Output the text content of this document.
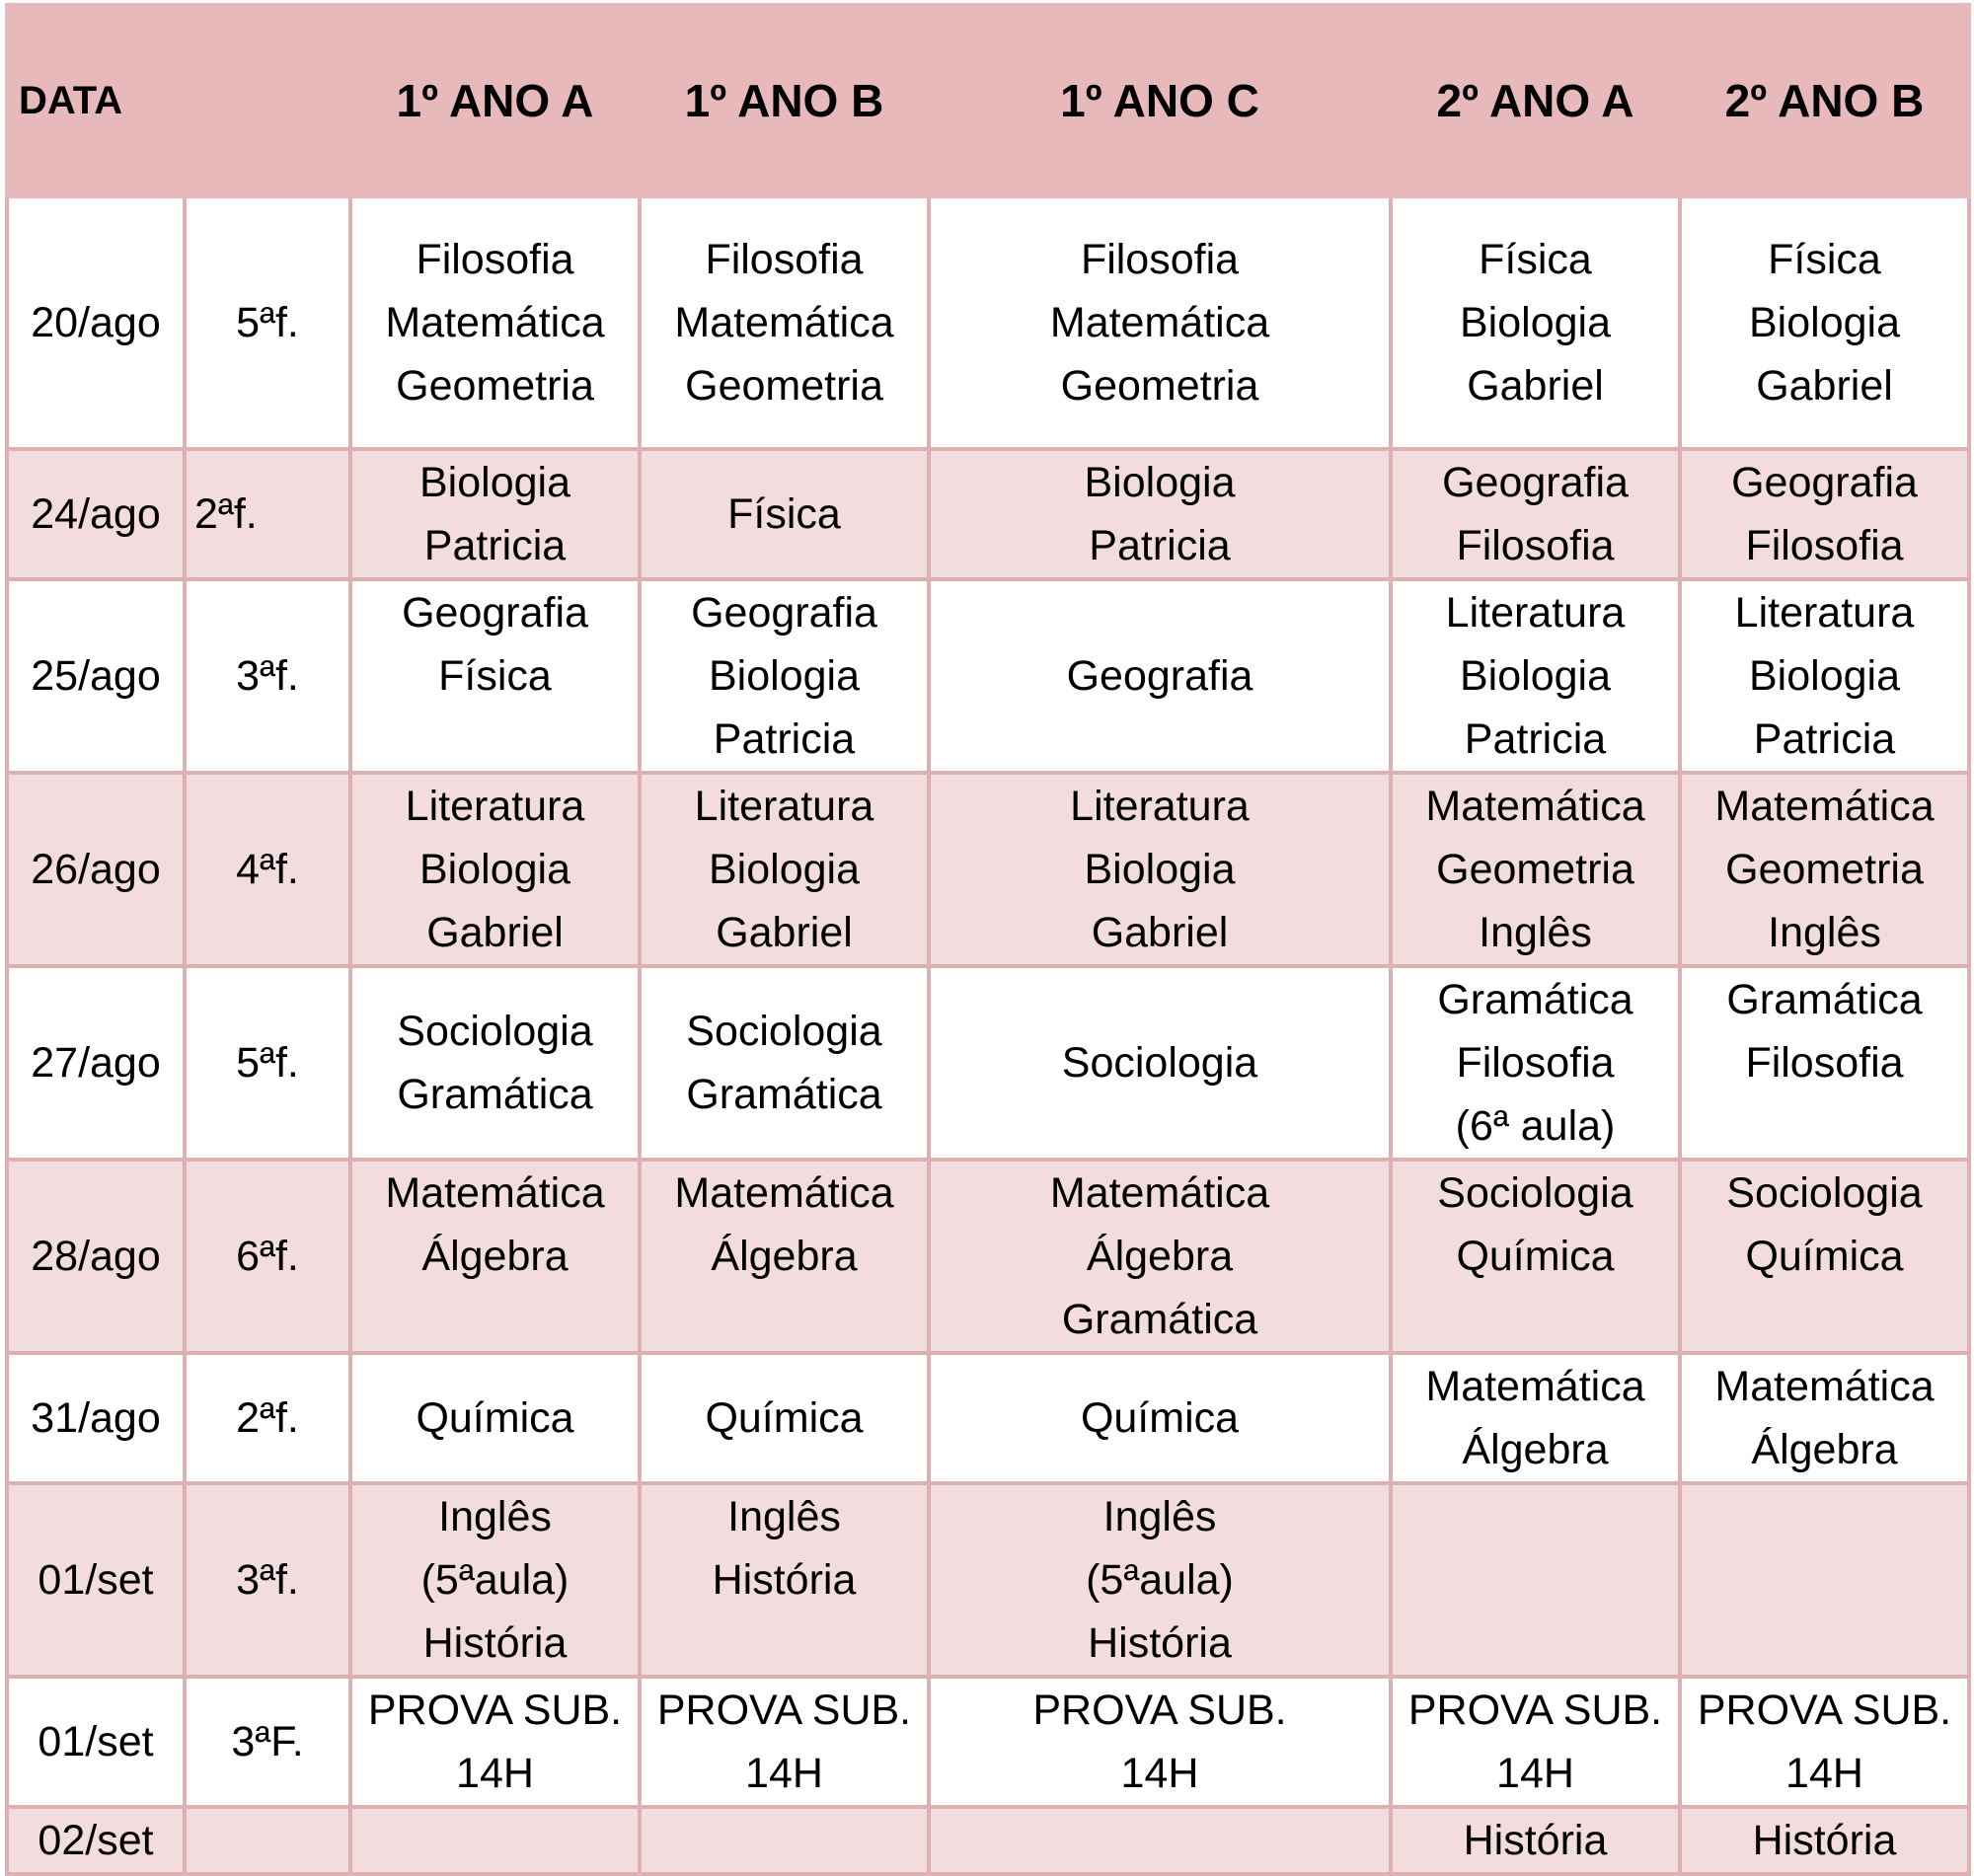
DATA		1º ANO A	1º ANO B	1º ANO C	2º ANO A	2º ANO B
20/ago	5ªf.	Filosofia
Matemática
Geometria	Filosofia
Matemática
Geometria	Filosofia
Matemática
Geometria	Física
Biologia
Gabriel	Física
Biologia
Gabriel

24/ago	2ªf.	Biologia
Patricia	Física	Biologia
Patricia	Geografia
Filosofia	Geografia
Filosofia

25/ago	3ªf.	Geografia
Física	Geografia
Biologia
Patricia	Geografia	Literatura
Biologia
Patricia	Literatura
Biologia
Patricia

26/ago	4ªf.	Literatura
Biologia
Gabriel	Literatura
Biologia
Gabriel	Literatura
Biologia
Gabriel	Matemática
Geometria
Inglês	Matemática
Geometria
Inglês

27/ago	5ªf.	Sociologia
Gramática	Sociologia
Gramática	Sociologia	Gramática
Filosofia
(6ª aula)	Gramática
Filosofia

28/ago	6ªf.	Matemática
Álgebra	Matemática
Álgebra	Matemática
Álgebra
Gramática	Sociologia
Química	Sociologia
Química

31/ago	2ªf.	Química	Química	Química	Matemática
Álgebra	Matemática
Álgebra

01/set	3ªf.	Inglês
(5ªaula)
História	Inglês
História	Inglês
(5ªaula)
História		

01/set	3ªF.	PROVA SUB.
14H	PROVA SUB.
14H	PROVA SUB.
14H	PROVA SUB.
14H	PROVA SUB.
14H

02/set					História	História
